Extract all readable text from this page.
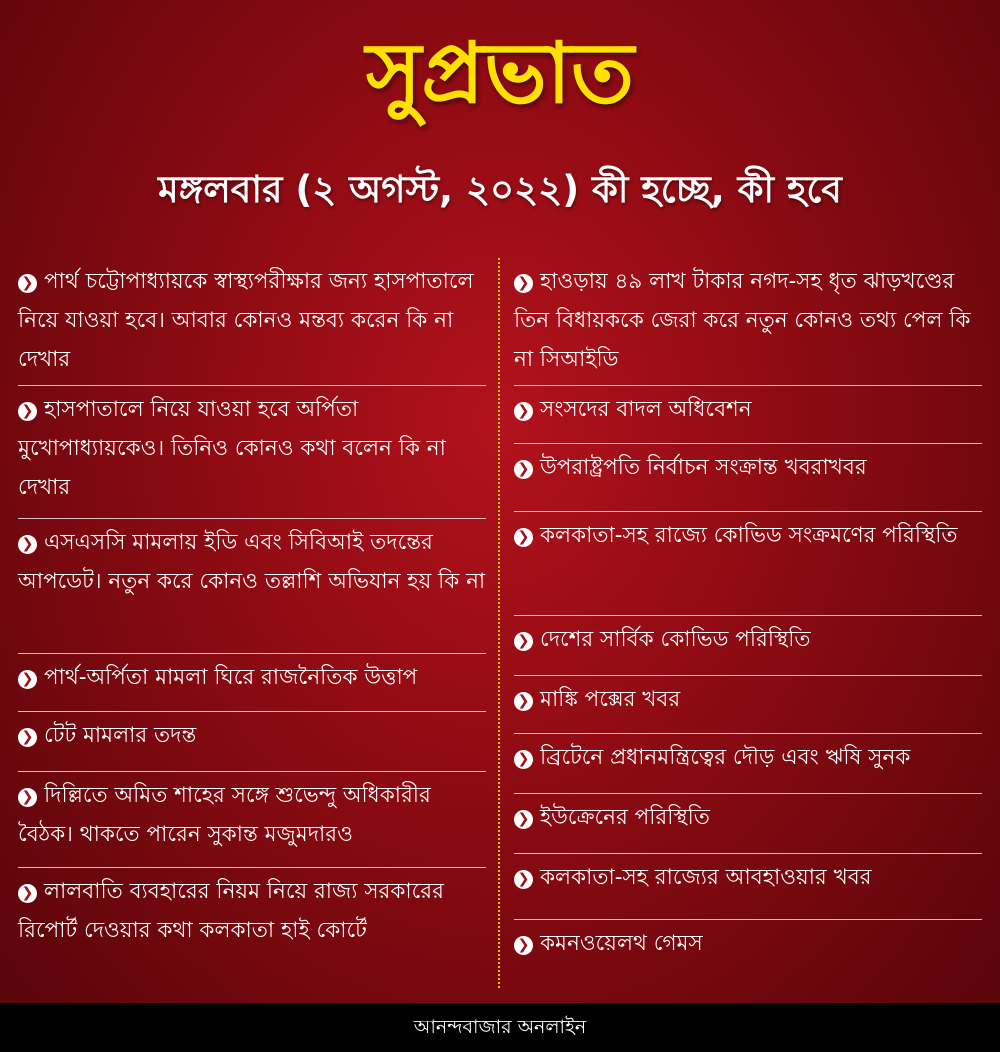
সুপ্রভাত
মঙ্গলবার (২ অগস্ট, ২০২২) কী হচ্ছে, কী হবে
❯ পার্থ চট্টোপাধ্যায়কে স্বাস্থ্যপরীক্ষার জন্য হাসপাতালে নিয়ে যাওয়া হবে। আবার কোনও মন্তব্য করেন কি না দেখার
❯ হাসপাতালে নিয়ে যাওয়া হবে অর্পিতা মুখোপাধ্যায়কেও। তিনিও কোনও কথা বলেন কি না দেখার
❯ এসএসসি মামলায় ইডি এবং সিবিআই তদন্তের আপডেট। নতুন করে কোনও তল্লাশি অভিযান হয় কি না
❯ পার্থ-অর্পিতা মামলা ঘিরে রাজনৈতিক উত্তাপ
❯ টেট মামলার তদন্ত
❯ দিল্লিতে অমিত শাহের সঙ্গে শুভেন্দু অধিকারীর বৈঠক। থাকতে পারেন সুকান্ত মজুমদারও
❯ লালবাতি ব্যবহারের নিয়ম নিয়ে রাজ্য সরকারের রিপোর্ট দেওয়ার কথা কলকাতা হাই কোর্টে
❯ হাওড়ায় ৪৯ লাখ টাকার নগদ-সহ ধৃত ঝাড়খণ্ডের তিন বিধায়ককে জেরা করে নতুন কোনও তথ্য পেল কি না সিআইডি
❯ সংসদের বাদল অধিবেশন
❯ উপরাষ্ট্রপতি নির্বাচন সংক্রান্ত খবরাখবর
❯ কলকাতা-সহ রাজ্যে কোভিড সংক্রমণের পরিস্থিতি
❯ দেশের সার্বিক কোভিড পরিস্থিতি
❯ মাঙ্কি পক্সের খবর
❯ ব্রিটেনে প্রধানমন্ত্রিত্বের দৌড় এবং ঋষি সুনক
❯ ইউক্রেনের পরিস্থিতি
❯ কলকাতা-সহ রাজ্যের আবহাওয়ার খবর
❯ কমনওয়েলথ গেমস
আনন্দবাজার অনলাইন
